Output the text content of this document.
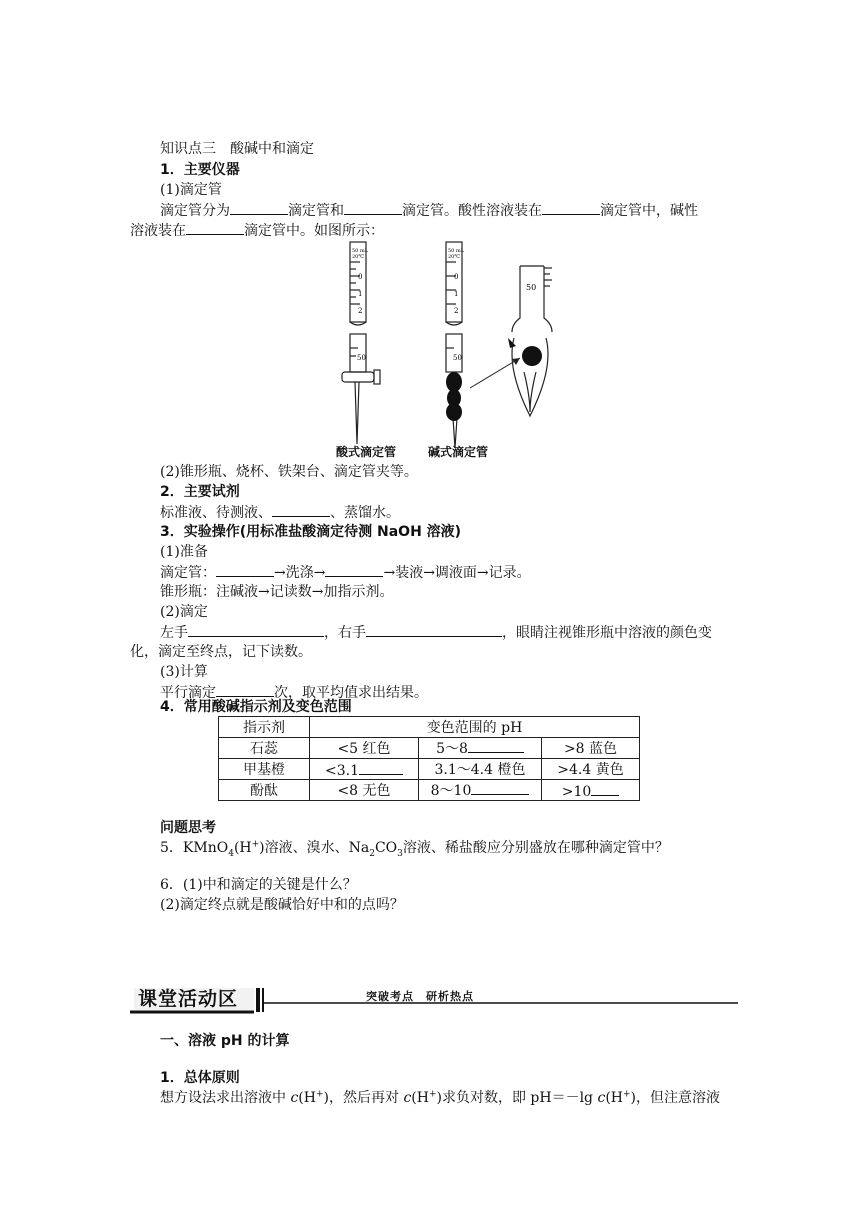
知识点三　酸碱中和滴定
1．主要仪器
(1)滴定管
滴定管分为	滴定管和	滴定管。酸性溶液装在	滴定管中，碱性
溶液装在	滴定管中。如图所示：
50 mL
20℃
0
1
2
50
50 mL
20℃
0
1
2
50
50
酸式滴定管	碱式滴定管
(2)锥形瓶、烧杯、铁架台、滴定管夹等。
2．主要试剂
标准液、待测液、	、蒸馏水。
3．实验操作(用标准盐酸滴定待测 NaOH 溶液)
(1)准备
滴定管：	→洗涤→	→装液→调液面→记录。
锥形瓶：注碱液→记读数→加指示剂。
(2)滴定
左手	，右手	，眼睛注视锥形瓶中溶液的颜色变
化，滴定至终点，记下读数。
(3)计算
平行滴定	次，取平均值求出结果。
4．常用酸碱指示剂及变色范围
指示剂	变色范围的 pH		
石蕊	<5 红色	5～8	>8 蓝色
甲基橙	<3.1	3.1～4.4 橙色	>4.4 黄色
酚酞	<8 无色	8～10	>10
问题思考
5．KMnO$_4$(H+)溶液、溴水、$Na_2CO_3$溶液、稀盐酸应分别盛放在哪种滴定管中？
6．(1)中和滴定的关键是什么？
(2)滴定终点就是酸碱恰好中和的点吗？
课堂活动区	突破考点　研析热点
一、溶液 pH 的计算
1．总体原则
想方设法求出溶液中 c(H+)，然后再对 c(H+)求负对数，即 pH＝－lg c(H+)，但注意溶液
